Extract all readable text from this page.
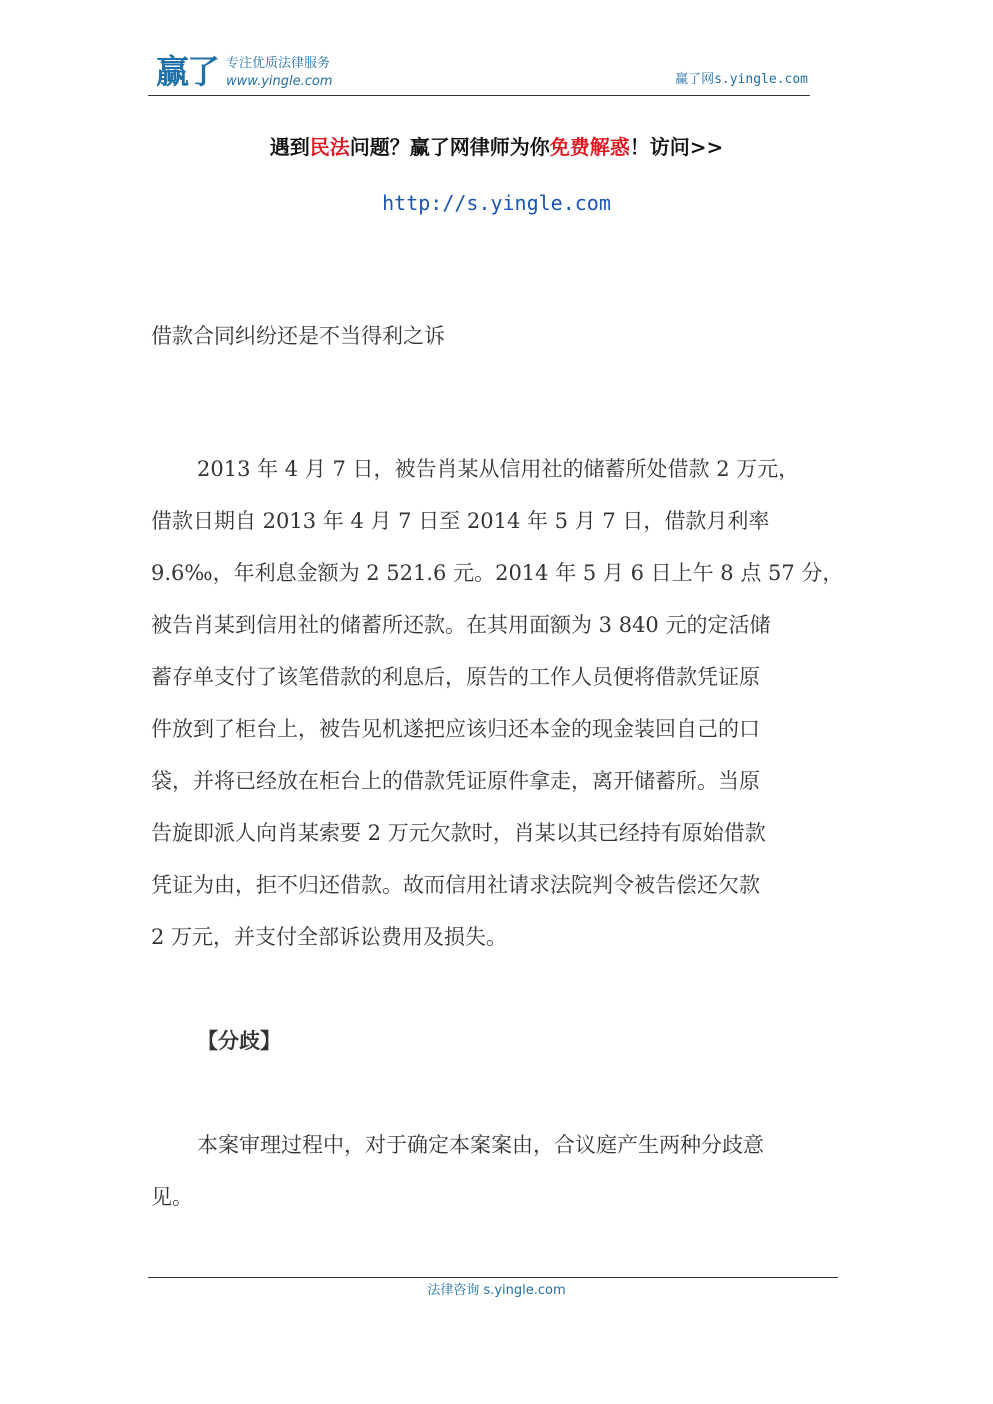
赢了 专注优质法律服务
www.yingle.com	赢了网s.yingle.com
遇到民法问题？赢了网律师为你免费解惑！访问>>
http://s.yingle.com
借款合同纠纷还是不当得利之诉
2013 年 4 月 7 日，被告肖某从信用社的储蓄所处借款 2 万元，
借款日期自 2013 年 4 月 7 日至 2014 年 5 月 7 日，借款月利率
9.6‰，年利息金额为 2 521.6 元。2014 年 5 月 6 日上午 8 点 57 分，
被告肖某到信用社的储蓄所还款。在其用面额为 3 840 元的定活储
蓄存单支付了该笔借款的利息后，原告的工作人员便将借款凭证原
件放到了柜台上，被告见机遂把应该归还本金的现金装回自己的口
袋，并将已经放在柜台上的借款凭证原件拿走，离开储蓄所。当原
告旋即派人向肖某索要 2 万元欠款时，肖某以其已经持有原始借款
凭证为由，拒不归还借款。故而信用社请求法院判令被告偿还欠款
2 万元，并支付全部诉讼费用及损失。
【分歧】
本案审理过程中，对于确定本案案由，合议庭产生两种分歧意
见。
法律咨询 s.yingle.com
